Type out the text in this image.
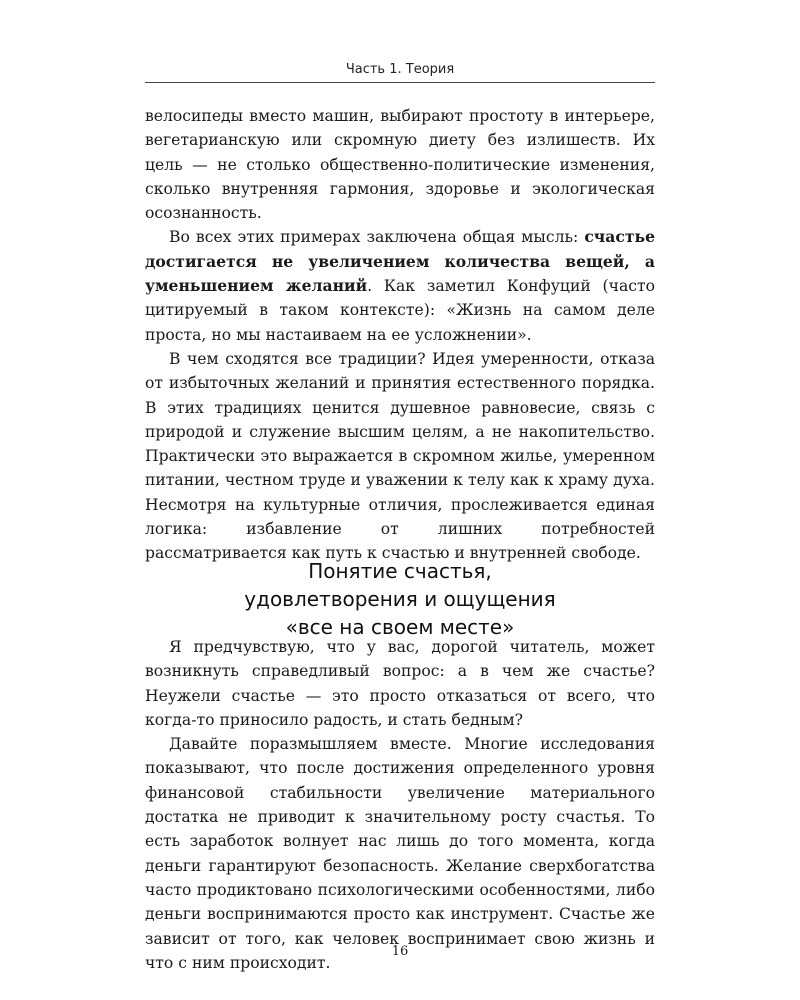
Часть 1. Теория

велосипеды вместо машин, выбирают простоту в интерьере, вегетарианскую или скромную диету без излишеств. Их цель — не столько общественно-политические изменения, сколько внутренняя гармония, здоровье и экологическая осознанность.

Во всех этих примерах заключена общая мысль: счастье достигается не увеличением количества вещей, а уменьшением желаний. Как заметил Конфуций (часто цитируемый в таком контексте): «Жизнь на самом деле проста, но мы настаиваем на ее усложнении».

В чем сходятся все традиции? Идея умеренности, отказа от избыточных желаний и принятия естественного порядка. В этих традициях ценится душевное равновесие, связь с природой и служение высшим целям, а не накопительство. Практически это выражается в скромном жилье, умеренном питании, честном труде и уважении к телу как к храму духа. Несмотря на культурные отличия, прослеживается единая логика: избавление от лишних потребностей рассматривается как путь к счастью и внутренней свободе.

Понятие счастья,
удовлетворения и ощущения
«все на своем месте»

Я предчувствую, что у вас, дорогой читатель, может возникнуть справедливый вопрос: а в чем же счастье? Неужели счастье — это просто отказаться от всего, что когда-то приносило радость, и стать бедным?

Давайте поразмышляем вместе. Многие исследования показывают, что после достижения определенного уровня финансовой стабильности увеличение материального достатка не приводит к значительному росту счастья. То есть заработок волнует нас лишь до того момента, когда деньги гарантируют безопасность. Желание сверхбогатства часто продиктовано психологическими особенностями, либо деньги воспринимаются просто как инструмент. Счастье же зависит от того, как человек воспринимает свою жизнь и что с ним происходит.

16
